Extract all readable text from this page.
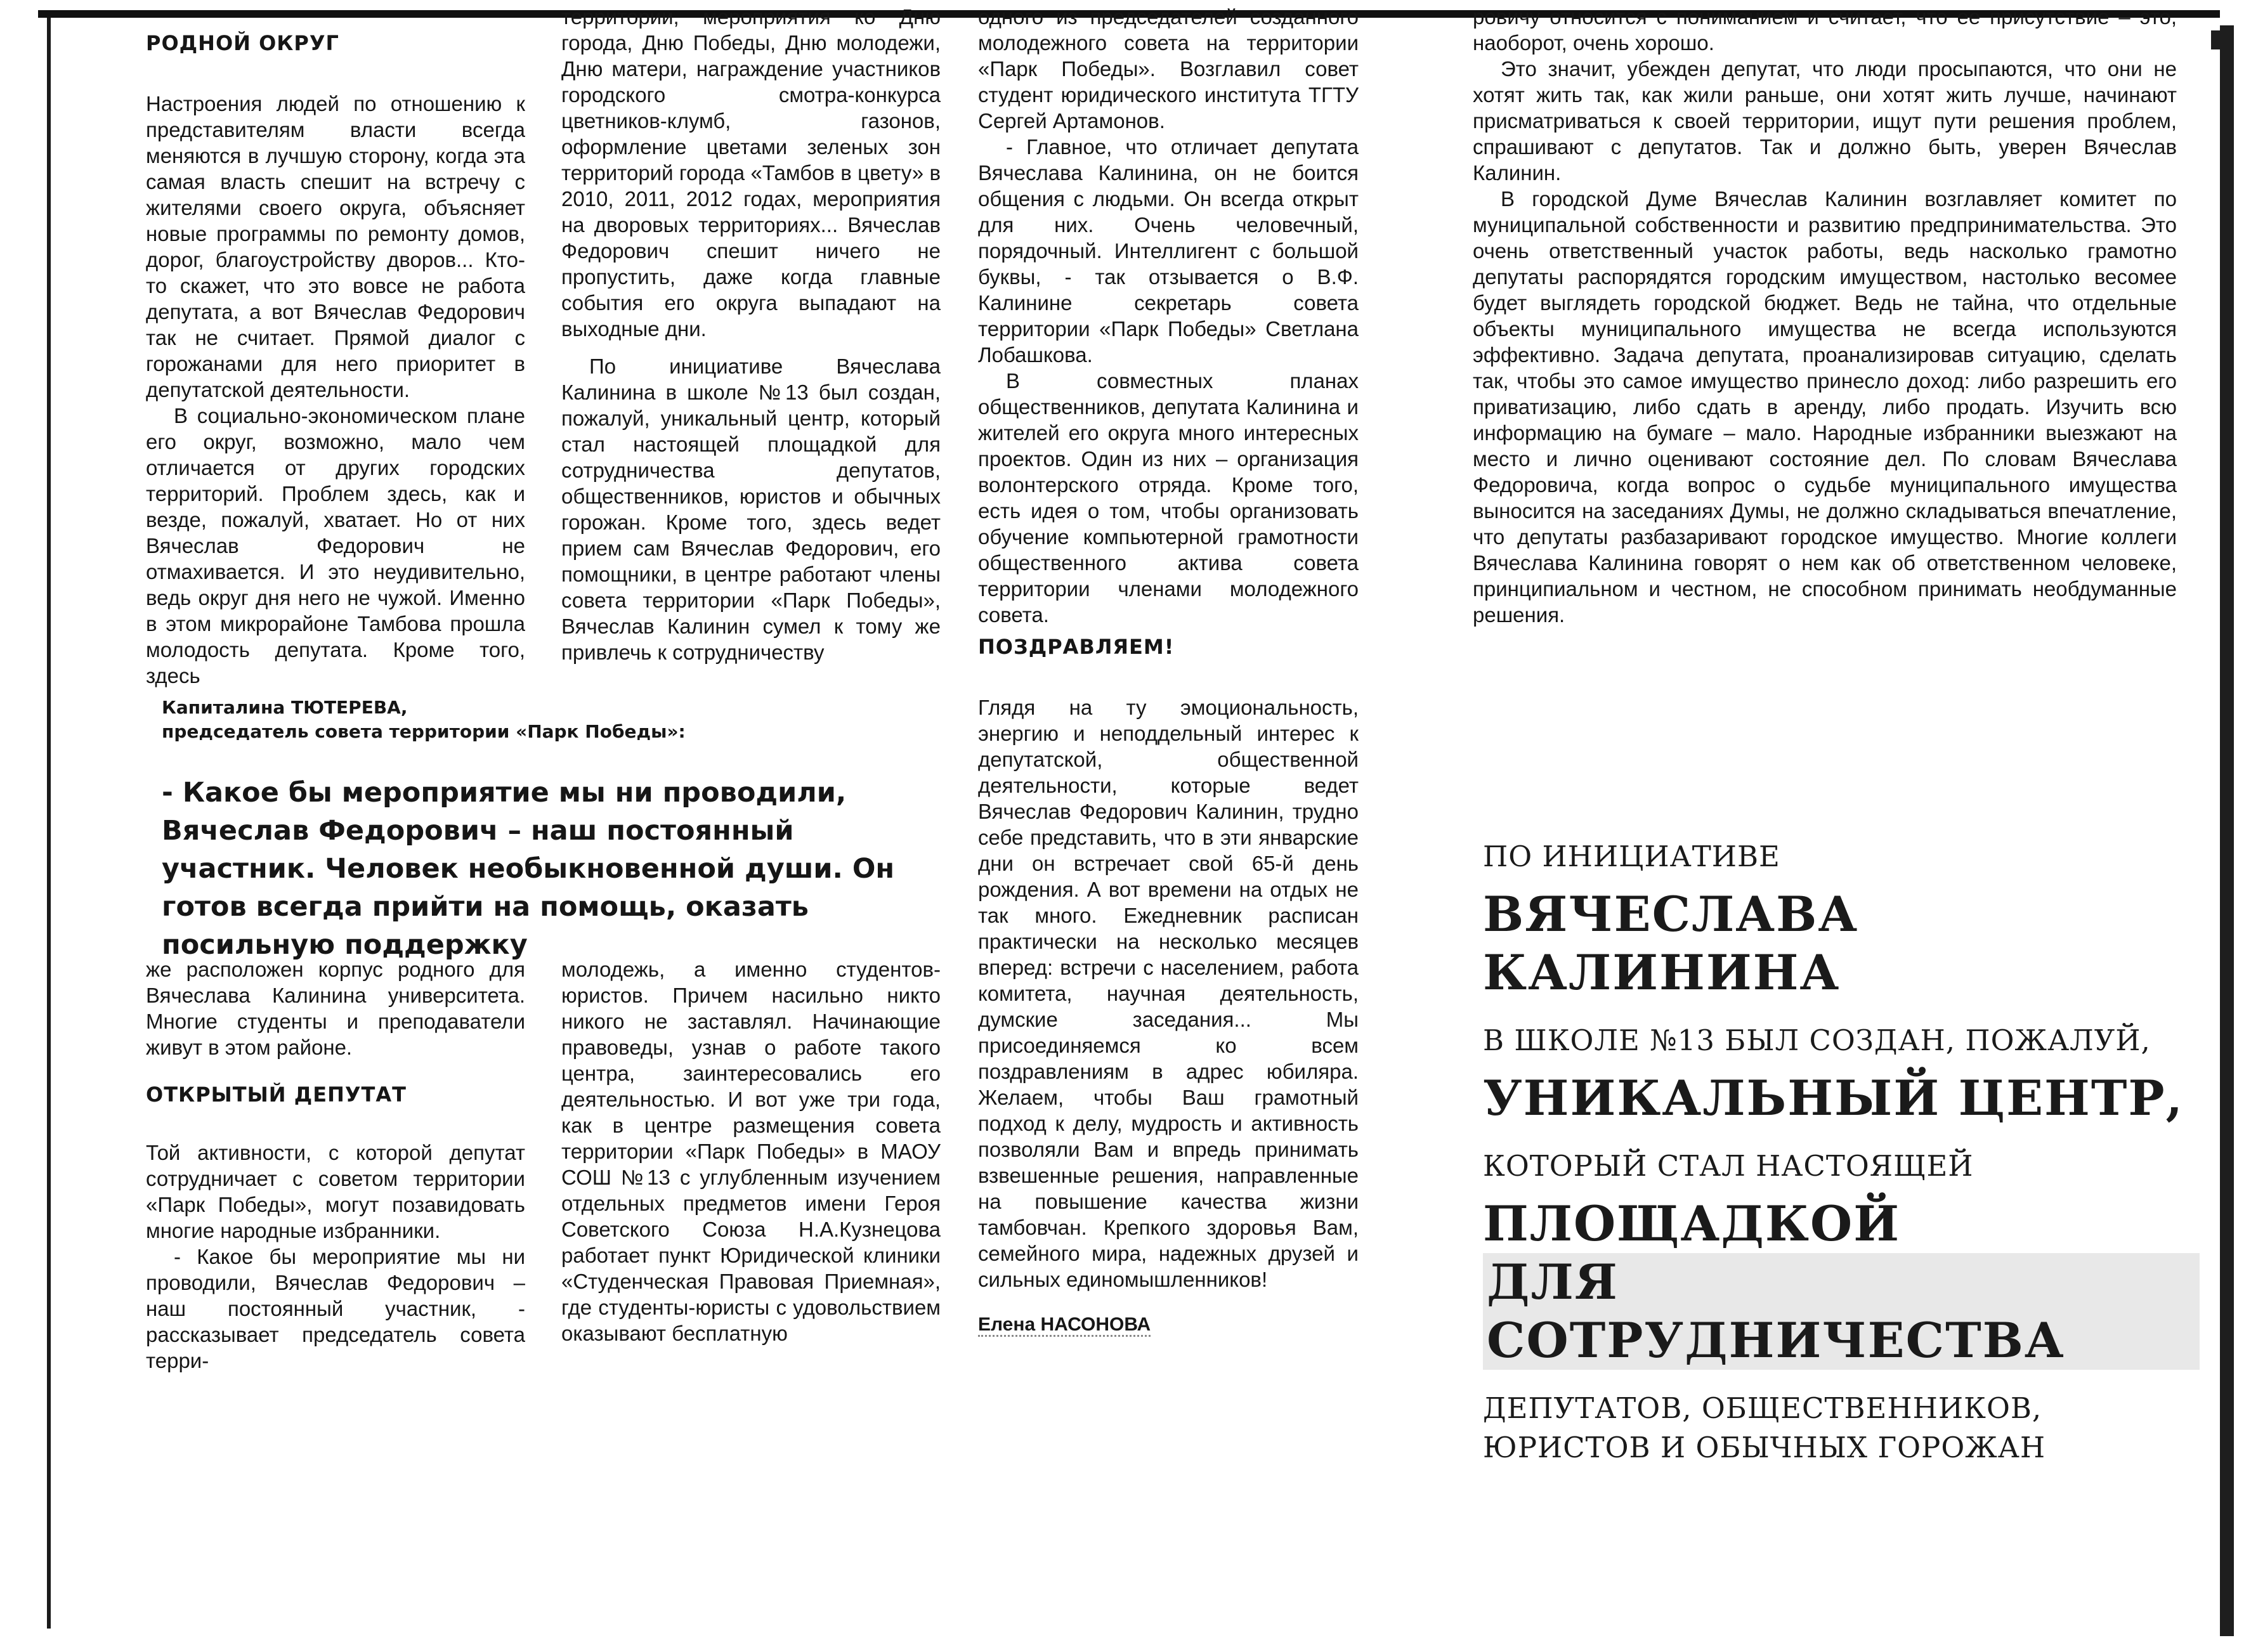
РОДНОЙ ОКРУГ

Настроения людей по отношению к представителям власти всегда меняются в лучшую сторону, когда эта самая власть спешит на встречу с жителями своего округа, объясняет новые программы по ремонту домов, дорог, благоустройству дворов... Кто-то скажет, что это вовсе не работа депутата, а вот Вячеслав Федорович так не считает. Прямой диалог с горожанами для него приоритет в депутатской деятельности.

В социально-экономическом плане его округ, возможно, мало чем отличается от других городских территорий. Проблем здесь, как и везде, пожалуй, хватает. Но от них Вячеслав Федорович не отмахивается. И это неудивительно, ведь округ дня него не чужой. Именно в этом микрорайоне Тамбова прошла молодость депутата. Кроме того, здесь

территории, мероприятия ко Дню города, Дню Победы, Дню молодежи, Дню матери, награждение участников городского смотра-конкурса цветников-клумб, газонов, оформление цветами зеленых зон территорий города «Тамбов в цвету» в 2010, 2011, 2012 годах, мероприятия на дворовых территориях... Вячеслав Федорович спешит ничего не пропустить, даже когда главные события его округа выпадают на выходные дни.

По инициативе Вячеслава Калинина в школе №13 был создан, пожалуй, уникальный центр, который стал настоящей площадкой для сотрудничества депутатов, общественников, юристов и обычных горожан. Кроме того, здесь ведет прием сам Вячеслав Федорович, его помощники, в центре работают члены совета территории «Парк Победы», Вячеслав Калинин сумел к тому же привлечь к сотрудничеству

одного из председателей созданного молодежного совета на территории «Парк Победы». Возглавил совет студент юридического института ТГТУ Сергей Артамонов.

- Главное, что отличает депутата Вячеслава Калинина, он не боится общения с людьми. Он всегда открыт для них. Очень человечный, порядочный. Интеллигент с большой буквы, - так отзывается о В.Ф. Калинине секретарь совета территории «Парк Победы» Светлана Лобашкова.

В совместных планах общественников, депутата Калинина и жителей его округа много интересных проектов. Один из них – организация волонтерского отряда. Кроме того, есть идея о том, чтобы организовать обучение компьютерной грамотности общественного актива совета территории членами молодежного совета.

ровичу относится с пониманием и считает, что ее присутствие – это, наоборот, очень хорошо.

Это значит, убежден депутат, что люди просыпаются, что они не хотят жить так, как жили раньше, они хотят жить лучше, начинают присматриваться к своей территории, ищут пути решения проблем, спрашивают с депутатов. Так и должно быть, уверен Вячеслав Калинин.

В городской Думе Вячеслав Калинин возглавляет комитет по муниципальной собственности и развитию предпринимательства. Это очень ответственный участок работы, ведь насколько грамотно депутаты распорядятся городским имуществом, настолько весомее будет выглядеть городской бюджет. Ведь не тайна, что отдельные объекты муниципального имущества не всегда используются эффективно. Задача депутата, проанализировав ситуацию, сделать так, чтобы это самое имущество принесло доход: либо разрешить его приватизацию, либо сдать в аренду, либо продать. Изучить всю информацию на бумаге – мало. Народные избранники выезжают на место и лично оценивают состояние дел. По словам Вячеслава Федоровича, когда вопрос о судьбе муниципального имущества выносится на заседаниях Думы, не должно складываться впечатление, что депутаты разбазаривают городское имущество. Многие коллеги Вячеслава Калинина говорят о нем как об ответственном человеке, принципиальном и честном, не способном принимать необдуманные решения.

Капиталина ТЮТЕРЕВА,
председатель совета территории «Парк Победы»:
- Какое бы мероприятие мы ни проводили, Вячеслав Федорович – наш постоянный участник. Человек необыкновенной души. Он готов всегда прийти на помощь, оказать посильную поддержку

же расположен корпус родного для Вячеслава Калинина университета. Многие студенты и преподаватели живут в этом районе.

ОТКРЫТЫЙ ДЕПУТАТ

Той активности, с которой депутат сотрудничает с советом территории «Парк Победы», могут позавидовать многие народные избранники.

- Какое бы мероприятие мы ни проводили, Вячеслав Федорович – наш постоянный участник, - рассказывает председатель совета терри-

молодежь, а именно студентов-юристов. Причем насильно никто никого не заставлял. Начинающие правоведы, узнав о работе такого центра, заинтересовались его деятельностью. И вот уже три года, как в центре размещения совета территории «Парк Победы» в МАОУ СОШ №13 с углубленным изучением отдельных предметов имени Героя Советского Союза Н.А.Кузнецова работает пункт Юридической клиники «Студенческая Правовая Приемная», где студенты-юристы с удовольствием оказывают бесплатную

ПОЗДРАВЛЯЕМ!

Глядя на ту эмоциональность, энергию и неподдельный интерес к депутатской, общественной деятельности, которые ведет Вячеслав Федорович Калинин, трудно себе представить, что в эти январские дни он встречает свой 65-й день рождения. А вот времени на отдых не так много. Ежедневник расписан практически на несколько месяцев вперед: встречи с населением, работа комитета, научная деятельность, думские заседания... Мы присоединяемся ко всем поздравлениям в адрес юбиляра. Желаем, чтобы Ваш грамотный подход к делу, мудрость и активность позволяли Вам и впредь принимать взвешенные решения, направленные на повышение качества жизни тамбовчан. Крепкого здоровья Вам, семейного мира, надежных друзей и сильных единомышленников!

Елена НАСОНОВА
ПО ИНИЦИАТИВЕ
ВЯЧЕСЛАВА
КАЛИНИНА
В ШКОЛЕ №13 БЫЛ СОЗДАН, ПОЖАЛУЙ,
УНИКАЛЬНЫЙ ЦЕНТР,
КОТОРЫЙ СТАЛ НАСТОЯЩЕЙ
ПЛОЩАДКОЙ
ДЛЯ СОТРУДНИЧЕСТВА
ДЕПУТАТОВ, ОБЩЕСТВЕННИКОВ,
ЮРИСТОВ И ОБЫЧНЫХ ГОРОЖАН
